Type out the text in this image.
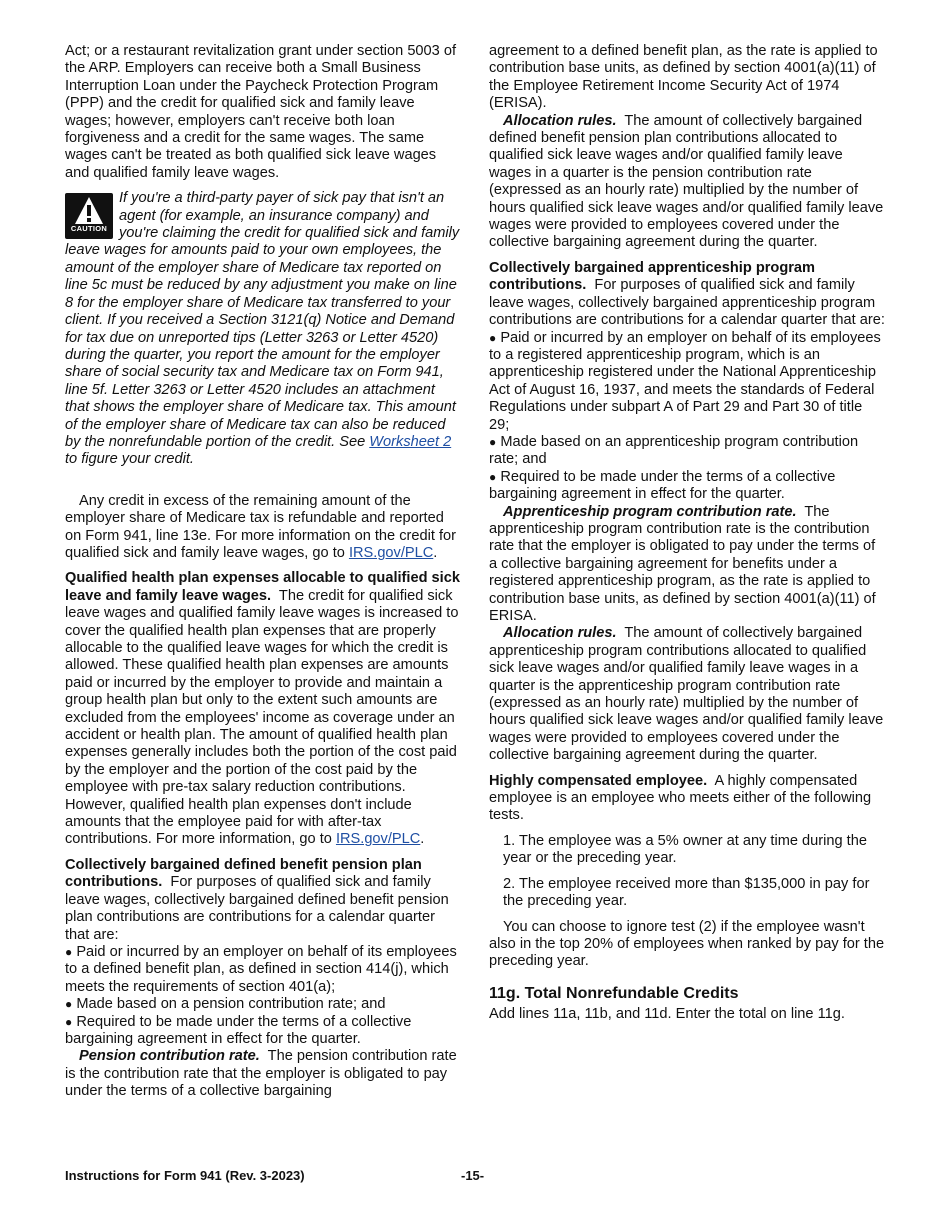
Act; or a restaurant revitalization grant under section 5003 of the ARP. Employers can receive both a Small Business Interruption Loan under the Paycheck Protection Program (PPP) and the credit for qualified sick and family leave wages; however, employers can't receive both loan forgiveness and a credit for the same wages. The same wages can't be treated as both qualified sick leave wages and qualified family leave wages.

CAUTION
If you're a third-party payer of sick pay that isn't an agent (for example, an insurance company) and you're claiming the credit for qualified sick and family leave wages for amounts paid to your own employees, the amount of the employer share of Medicare tax reported on line 5c must be reduced by any adjustment you make on line 8 for the employer share of Medicare tax transferred to your client. If you received a Section 3121(q) Notice and Demand for tax due on unreported tips (Letter 3263 or Letter 4520) during the quarter, you report the amount for the employer share of social security tax and Medicare tax on Form 941, line 5f. Letter 3263 or Letter 4520 includes an attachment that shows the employer share of Medicare tax. This amount of the employer share of Medicare tax can also be reduced by the nonrefundable portion of the credit. See Worksheet 2 to figure your credit.

Any credit in excess of the remaining amount of the employer share of Medicare tax is refundable and reported on Form 941, line 13e. For more information on the credit for qualified sick and family leave wages, go to IRS.gov/PLC.

Qualified health plan expenses allocable to qualified sick leave and family leave wages. The credit for qualified sick leave wages and qualified family leave wages is increased to cover the qualified health plan expenses that are properly allocable to the qualified leave wages for which the credit is allowed. These qualified health plan expenses are amounts paid or incurred by the employer to provide and maintain a group health plan but only to the extent such amounts are excluded from the employees' income as coverage under an accident or health plan. The amount of qualified health plan expenses generally includes both the portion of the cost paid by the employer and the portion of the cost paid by the employee with pre-tax salary reduction contributions. However, qualified health plan expenses don't include amounts that the employee paid for with after-tax contributions. For more information, go to IRS.gov/PLC.

Collectively bargained defined benefit pension plan contributions. For purposes of qualified sick and family leave wages, collectively bargained defined benefit pension plan contributions are contributions for a calendar quarter that are:

● Paid or incurred by an employer on behalf of its employees to a defined benefit plan, as defined in section 414(j), which meets the requirements of section 401(a);
● Made based on a pension contribution rate; and
● Required to be made under the terms of a collective bargaining agreement in effect for the quarter.

Pension contribution rate. The pension contribution rate is the contribution rate that the employer is obligated to pay under the terms of a collective bargaining

agreement to a defined benefit plan, as the rate is applied to contribution base units, as defined by section 4001(a)(11) of the Employee Retirement Income Security Act of 1974 (ERISA).

Allocation rules. The amount of collectively bargained defined benefit pension plan contributions allocated to qualified sick leave wages and/or qualified family leave wages in a quarter is the pension contribution rate (expressed as an hourly rate) multiplied by the number of hours qualified sick leave wages and/or qualified family leave wages were provided to employees covered under the collective bargaining agreement during the quarter.

Collectively bargained apprenticeship program contributions. For purposes of qualified sick and family leave wages, collectively bargained apprenticeship program contributions are contributions for a calendar quarter that are:

● Paid or incurred by an employer on behalf of its employees to a registered apprenticeship program, which is an apprenticeship registered under the National Apprenticeship Act of August 16, 1937, and meets the standards of Federal Regulations under subpart A of Part 29 and Part 30 of title 29;
● Made based on an apprenticeship program contribution rate; and
● Required to be made under the terms of a collective bargaining agreement in effect for the quarter.

Apprenticeship program contribution rate. The apprenticeship program contribution rate is the contribution rate that the employer is obligated to pay under the terms of a collective bargaining agreement for benefits under a registered apprenticeship program, as the rate is applied to contribution base units, as defined by section 4001(a)(11) of ERISA.

Allocation rules. The amount of collectively bargained apprenticeship program contributions allocated to qualified sick leave wages and/or qualified family leave wages in a quarter is the apprenticeship program contribution rate (expressed as an hourly rate) multiplied by the number of hours qualified sick leave wages and/or qualified family leave wages were provided to employees covered under the collective bargaining agreement during the quarter.

Highly compensated employee. A highly compensated employee is an employee who meets either of the following tests.

1. The employee was a 5% owner at any time during the year or the preceding year.

2. The employee received more than $135,000 in pay for the preceding year.

You can choose to ignore test (2) if the employee wasn't also in the top 20% of employees when ranked by pay for the preceding year.

11g. Total Nonrefundable Credits

Add lines 11a, 11b, and 11d. Enter the total on line 11g.

Instructions for Form 941 (Rev. 3-2023)	-15-
